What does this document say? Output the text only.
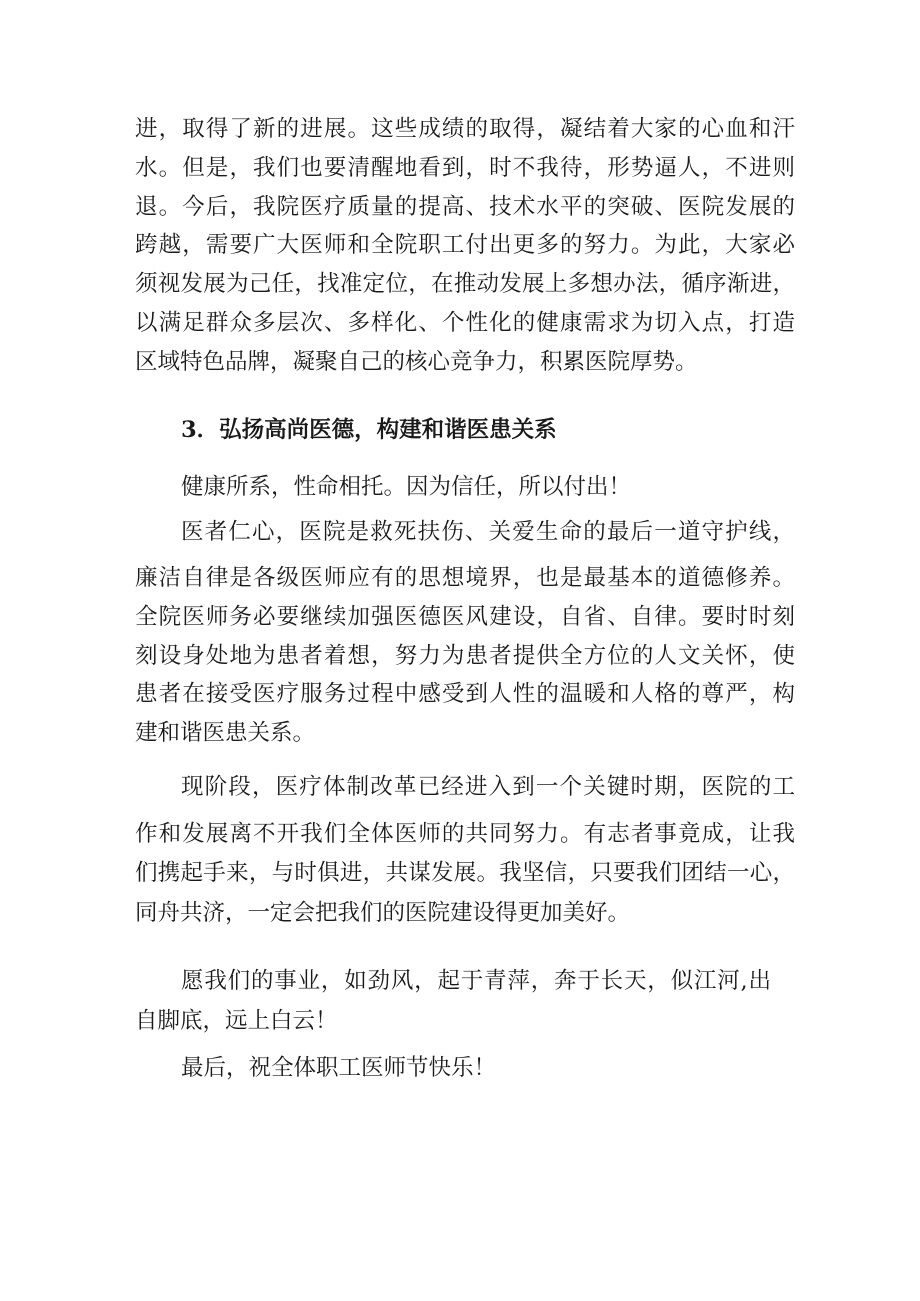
进，取得了新的进展。这些成绩的取得，凝结着大家的心血和汗
水。但是，我们也要清醒地看到，时不我待，形势逼人，不进则
退。今后，我院医疗质量的提高、技术水平的突破、医院发展的
跨越，需要广大医师和全院职工付出更多的努力。为此，大家必
须视发展为己任，找准定位，在推动发展上多想办法，循序渐进，
以满足群众多层次、多样化、个性化的健康需求为切入点，打造
区域特色品牌，凝聚自己的核心竞争力，积累医院厚势。
3．弘扬高尚医德，构建和谐医患关系
健康所系，性命相托。因为信任，所以付出！
医者仁心，医院是救死扶伤、关爱生命的最后一道守护线，
廉洁自律是各级医师应有的思想境界，也是最基本的道德修养。
全院医师务必要继续加强医德医风建设，自省、自律。要时时刻
刻设身处地为患者着想，努力为患者提供全方位的人文关怀，使
患者在接受医疗服务过程中感受到人性的温暖和人格的尊严，构
建和谐医患关系。
现阶段，医疗体制改革已经进入到一个关键时期，医院的工
作和发展离不开我们全体医师的共同努力。有志者事竟成，让我
们携起手来，与时俱进，共谋发展。我坚信，只要我们团结一心，
同舟共济，一定会把我们的医院建设得更加美好。
愿我们的事业，如劲风，起于青萍，奔于长天，似江河,出
自脚底，远上白云！
最后，祝全体职工医师节快乐！
